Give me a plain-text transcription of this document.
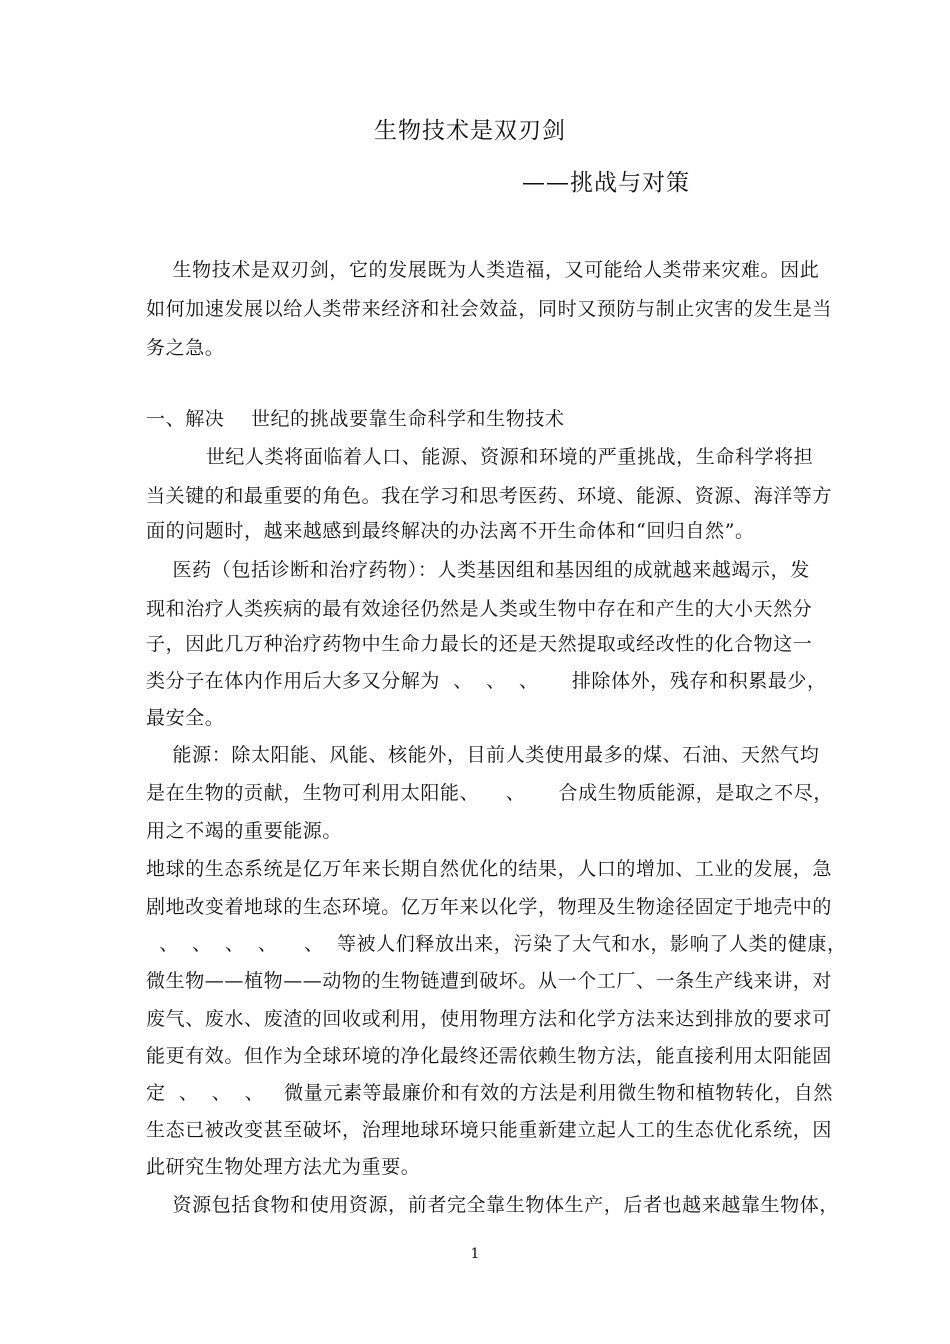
生物技术是双刃剑
——挑战与对策
生物技术是双刃剑，它的发展既为人类造福，又可能给人类带来灾难。因此
如何加速发展以给人类带来经济和社会效益，同时又预防与制止灾害的发生是当
务之急。
一、解决    世纪的挑战要靠生命科学和生物技术
世纪人类将面临着人口、能源、资源和环境的严重挑战，生命科学将担
当关键的和最重要的角色。我在学习和思考医药、环境、能源、资源、海洋等方
面的问题时，越来越感到最终解决的办法离不开生命体和“回归自然”。
医药（包括诊断和治疗药物）：人类基因组和基因组的成就越来越竭示，发
现和治疗人类疾病的最有效途径仍然是人类或生物中存在和产生的大小天然分
子，因此几万种治疗药物中生命力最长的还是天然提取或经改性的化合物这一
类分子在体内作用后大多又分解为  、  、  、     排除体外，残存和积累最少，
最安全。
能源：除太阳能、风能、核能外，目前人类使用最多的煤、石油、天然气均
是在生物的贡献，生物可利用太阳能、    、     合成生物质能源，是取之不尽，
用之不竭的重要能源。
地球的生态系统是亿万年来长期自然优化的结果，人口的增加、工业的发展，急
剧地改变着地球的生态环境。亿万年来以化学，物理及生物途径固定于地壳中的
、  、  、  、    、  等被人们释放出来，污染了大气和水，影响了人类的健康，
微生物——植物——动物的生物链遭到破坏。从一个工厂、一条生产线来讲，对
废气、废水、废渣的回收或利用，使用物理方法和化学方法来达到排放的要求可
能更有效。但作为全球环境的净化最终还需依赖生物方法，能直接利用太阳能固
定  、  、  、   微量元素等最廉价和有效的方法是利用微生物和植物转化，自然
生态已被改变甚至破坏，治理地球环境只能重新建立起人工的生态优化系统，因
此研究生物处理方法尤为重要。
资源包括食物和使用资源，前者完全靠生物体生产，后者也越来越靠生物体，
1
